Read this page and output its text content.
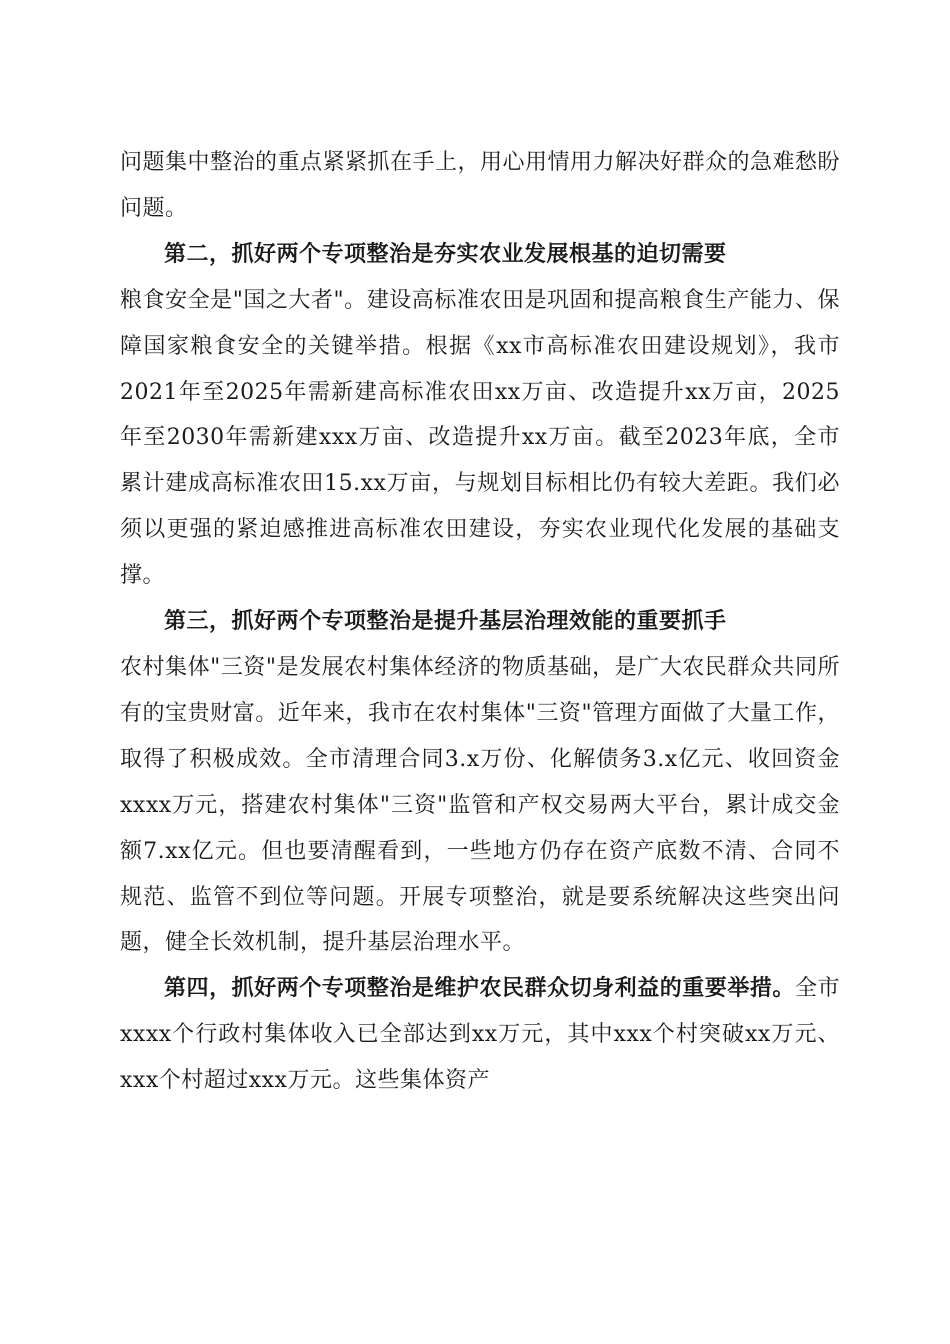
问题集中整治的重点紧紧抓在手上，用心用情用力解决好群众的急难愁盼问题。

第二，抓好两个专项整治是夯实农业发展根基的迫切需要
粮食安全是"国之大者"。建设高标准农田是巩固和提高粮食生产能力、保障国家粮食安全的关键举措。根据《xx市高标准农田建设规划》，我市2021年至2025年需新建高标准农田xx万亩、改造提升xx万亩，2025年至2030年需新建xxx万亩、改造提升xx万亩。截至2023年底，全市累计建成高标准农田15.xx万亩，与规划目标相比仍有较大差距。我们必须以更强的紧迫感推进高标准农田建设，夯实农业现代化发展的基础支撑。

第三，抓好两个专项整治是提升基层治理效能的重要抓手
农村集体"三资"是发展农村集体经济的物质基础，是广大农民群众共同所有的宝贵财富。近年来，我市在农村集体"三资"管理方面做了大量工作，取得了积极成效。全市清理合同3.x万份、化解债务3.x亿元、收回资金xxxx万元，搭建农村集体"三资"监管和产权交易两大平台，累计成交金额7.xx亿元。但也要清醒看到，一些地方仍存在资产底数不清、合同不规范、监管不到位等问题。开展专项整治，就是要系统解决这些突出问题，健全长效机制，提升基层治理水平。

第四，抓好两个专项整治是维护农民群众切身利益的重要举措。全市xxxx个行政村集体收入已全部达到xx万元，其中xxx个村突破xx万元、xxx个村超过xxx万元。这些集体资产
